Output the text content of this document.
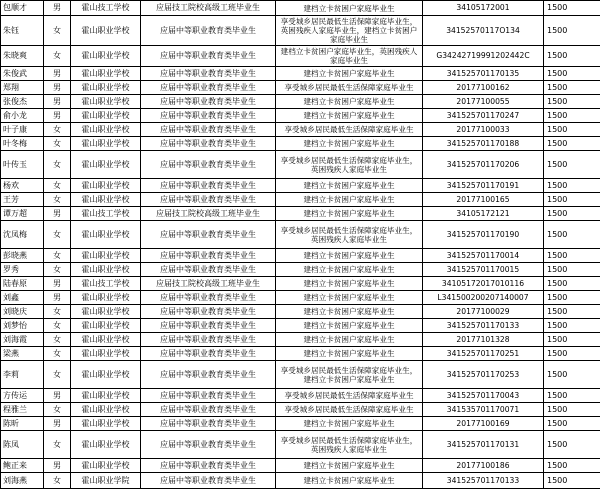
包顺才	男	霍山技工学校	应届技工院校高级工班毕业生	建档立卡贫困户家庭毕业生	34105172001	1500
朱钰	女	霍山职业学校	应届中等职业教育类毕业生	享受城乡居民最低生活保障家庭毕业生，英困残疾人家庭毕业生，建档立卡贫困户家庭毕业生	34152570117O134	1500
朱晓爽	女	霍山职业学校	应届中等职业教育类毕业生	建档立卡贫困户家庭毕业生，英困残疾人家庭毕业生	G34242719991202442C	1500
朱俊武	男	霍山职业学校	应届中等职业教育类毕业生	建档立卡贫困户家庭毕业生	341525701170135	1500
郑翔	男	霍山职业学校	应届中等职业教育类毕业生	享受城乡居民最低生活保障家庭毕业生	20177100162	1500
张俊杰	男	霍山职业学校	应届中等职业教育类毕业生	建档立卡贫困户家庭毕业生	20177100055	1500
俞小龙	男	霍山职业学校	应届中等职业教育类毕业生	建档立卡贫困户家庭毕业生	341525701170247	1500
叶子康	女	霍山职业学校	应届中等职业教育类毕业生	享受城乡居民最低生活保障家庭毕业生	20177100033	1500
叶冬梅	女	霍山职业学校	应届中等职业教育类毕业生	建档立卡贫困户家庭毕业生	341525701170188	1500
叶传玉	女	霍山职业学校	应届中等职业教育类毕业生	享受城乡居民最低生活保障家庭毕业生，英困残疾人家庭毕业生	341525701170206	1500
杨欢	女	霍山职业学校	应届中等职业教育类毕业生	建档立卡贫困户家庭毕业生	341525701170191	1500
王芳	女	霍山职业学校	应届中等职业教育类毕业生	建档立卡贫困户家庭毕业生	20177100165	1500
谭万超	男	霍山技工学校	应届技工院校高级工班毕业生	建档立卡贫困户家庭毕业生	34105172121	1500
沈凤梅	女	霍山职业学校	应届中等职业教育类毕业生	享受城乡居民最低生活保障家庭毕业生，英困残疾人家庭毕业生	341525701170190	1500
彭晓燕	女	霍山职业学校	应届中等职业教育类毕业生	建档立卡贫困户家庭毕业生	341525701170014	1500
罗秀	女	霍山职业学校	应届中等职业教育类毕业生	建档立卡贫困户家庭毕业生	341525701170015	1500
陆春原	男	霍山技工学校	应届技工院校高级工班毕业生	建档立卡贫困户家庭毕业生	34105172017010116	1500
刘鑫	男	霍山职业学校	应届中等职业教育类毕业生	建档立卡贫困户家庭毕业生	L341500200207140007	1500
刘晓庆	女	霍山职业学校	应届中等职业教育类毕业生	建档立卡贫困户家庭毕业生	20177100029	1500
刘梦怡	女	霍山职业学校	应届中等职业教育类毕业生	建档立卡贫困户家庭毕业生	341525701170133	1500
刘海霞	女	霍山职业学校	应届中等职业教育类毕业生	建档立卡贫困户家庭毕业生	20177101328	1500
梁燕	女	霍山职业学校	应届中等职业教育类毕业生	建档立卡贫困户家庭毕业生	341525701170251	1500
李莉	女	霍山职业学校	应届中等职业教育类毕业生	享受城乡居民最低生活保障家庭毕业生，建档立卡贫困户家庭毕业生	341525701170253	1500
方传运	男	霍山职业学校	应届中等职业教育类毕业生	享受城乡居民最低生活保障家庭毕业生	341525701170043	1500
程雅兰	女	霍山职业学校	应届中等职业教育类毕业生	享受城乡居民最低生活保障家庭毕业生	341535701170071	1500
陈昕	男	霍山职业学校	应届中等职业教育类毕业生	建档立卡贫困户家庭毕业生	20177100169	1500
陈凤	女	霍山职业学校	应届中等职业教育类毕业生	享受城乡居民最低生活保障家庭毕业生，英困残疾人家庭毕业生	341525701170131	1500
鲍正来	男	霍山职业学校	应届中等职业教育类毕业生	建档立卡贫困户家庭毕业生	20177100186	1500
刘海燕	女	霍山职业学院	应届中等职业教育类毕业生	建档立卡贫困户家庭毕业生	341525701170133	1500
